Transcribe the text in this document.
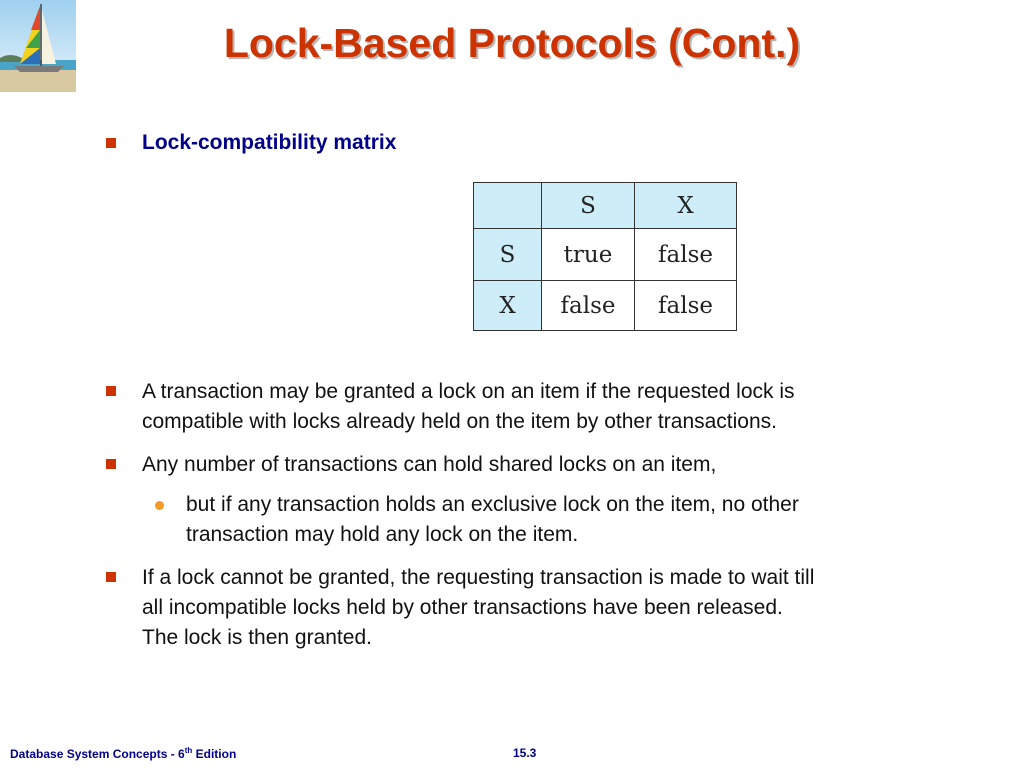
Lock-Based Protocols (Cont.)
Lock-compatibility matrix
	S	X
S	true	false
X	false	false
A transaction may be granted a lock on an item if the requested lock is
compatible with locks already held on the item by other transactions.
Any number of transactions can hold shared locks on an item,
but if any transaction holds an exclusive lock on the item, no other
transaction may hold any lock on the item.
If a lock cannot be granted, the requesting transaction is made to wait till
all incompatible locks held by other transactions have been released.
The lock is then granted.
Database System Concepts - 6th Edition	15.3
